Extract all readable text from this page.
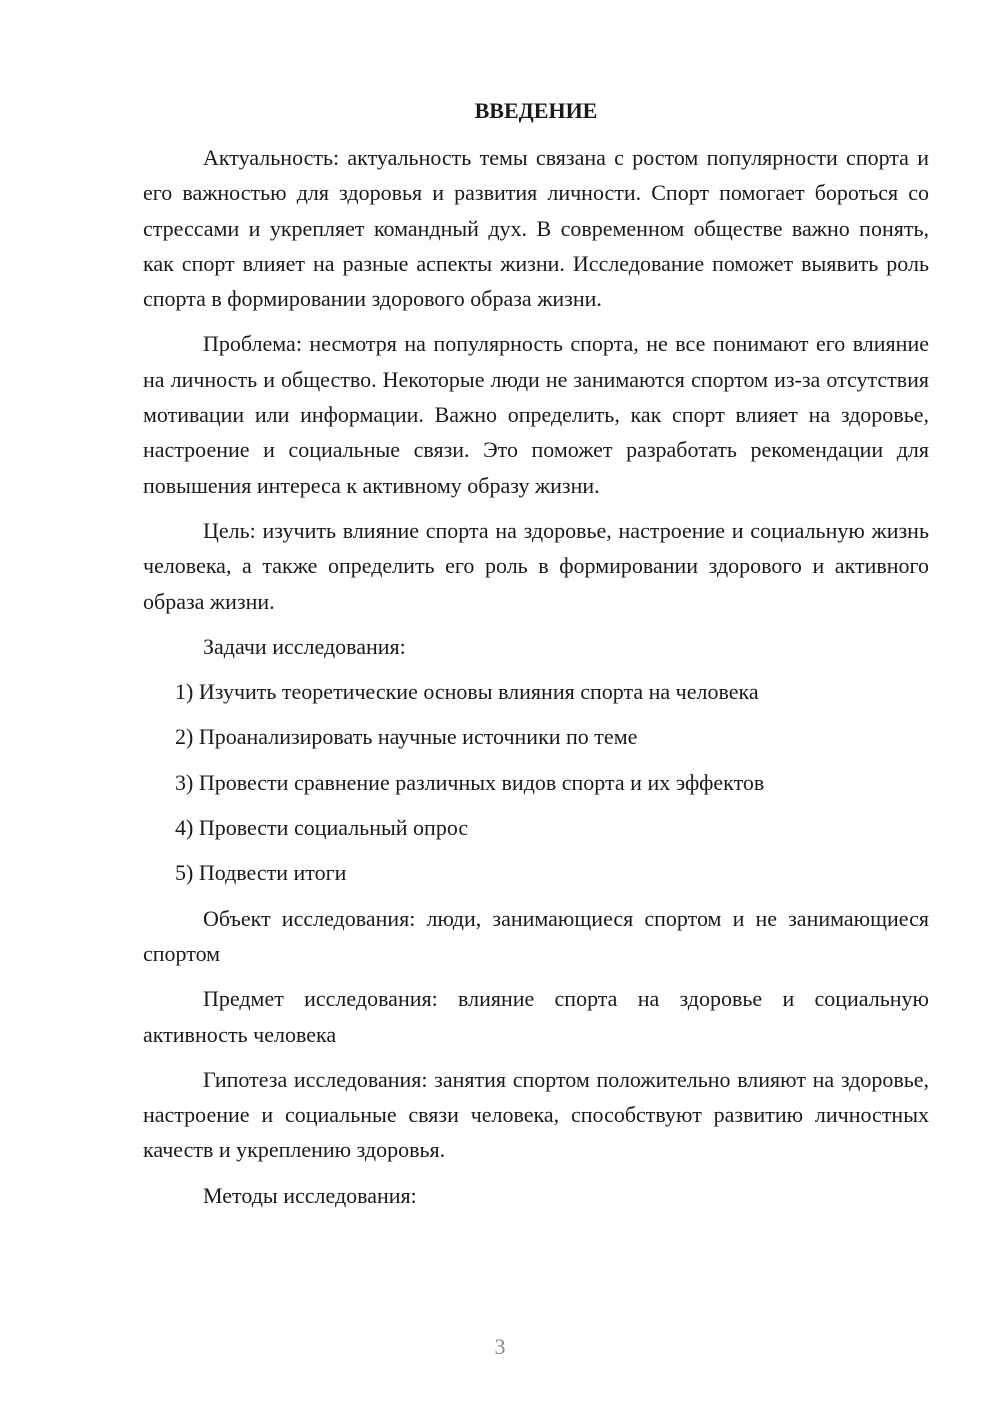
ВВЕДЕНИЕ

Актуальность: актуальность темы связана с ростом популярности спорта и его важностью для здоровья и развития личности. Спорт помогает бороться со стрессами и укрепляет командный дух. В современном обществе важно понять, как спорт влияет на разные аспекты жизни. Исследование поможет выявить роль спорта в формировании здорового образа жизни.

Проблема: несмотря на популярность спорта, не все понимают его влияние на личность и общество. Некоторые люди не занимаются спортом из-за отсутствия мотивации или информации. Важно определить, как спорт влияет на здоровье, настроение и социальные связи. Это поможет разработать рекомендации для повышения интереса к активному образу жизни.

Цель: изучить влияние спорта на здоровье, настроение и социальную жизнь человека, а также определить его роль в формировании здорового и активного образа жизни.

Задачи исследования:

1) Изучить теоретические основы влияния спорта на человека
2) Проанализировать научные источники по теме
3) Провести сравнение различных видов спорта и их эффектов
4) Провести социальный опрос
5) Подвести итоги

Объект исследования: люди, занимающиеся спортом и не занимающиеся спортом

Предмет исследования: влияние спорта на здоровье и социальную активность человека

Гипотеза исследования: занятия спортом положительно влияют на здоровье, настроение и социальные связи человека, способствуют развитию личностных качеств и укреплению здоровья.

Методы исследования:

3
